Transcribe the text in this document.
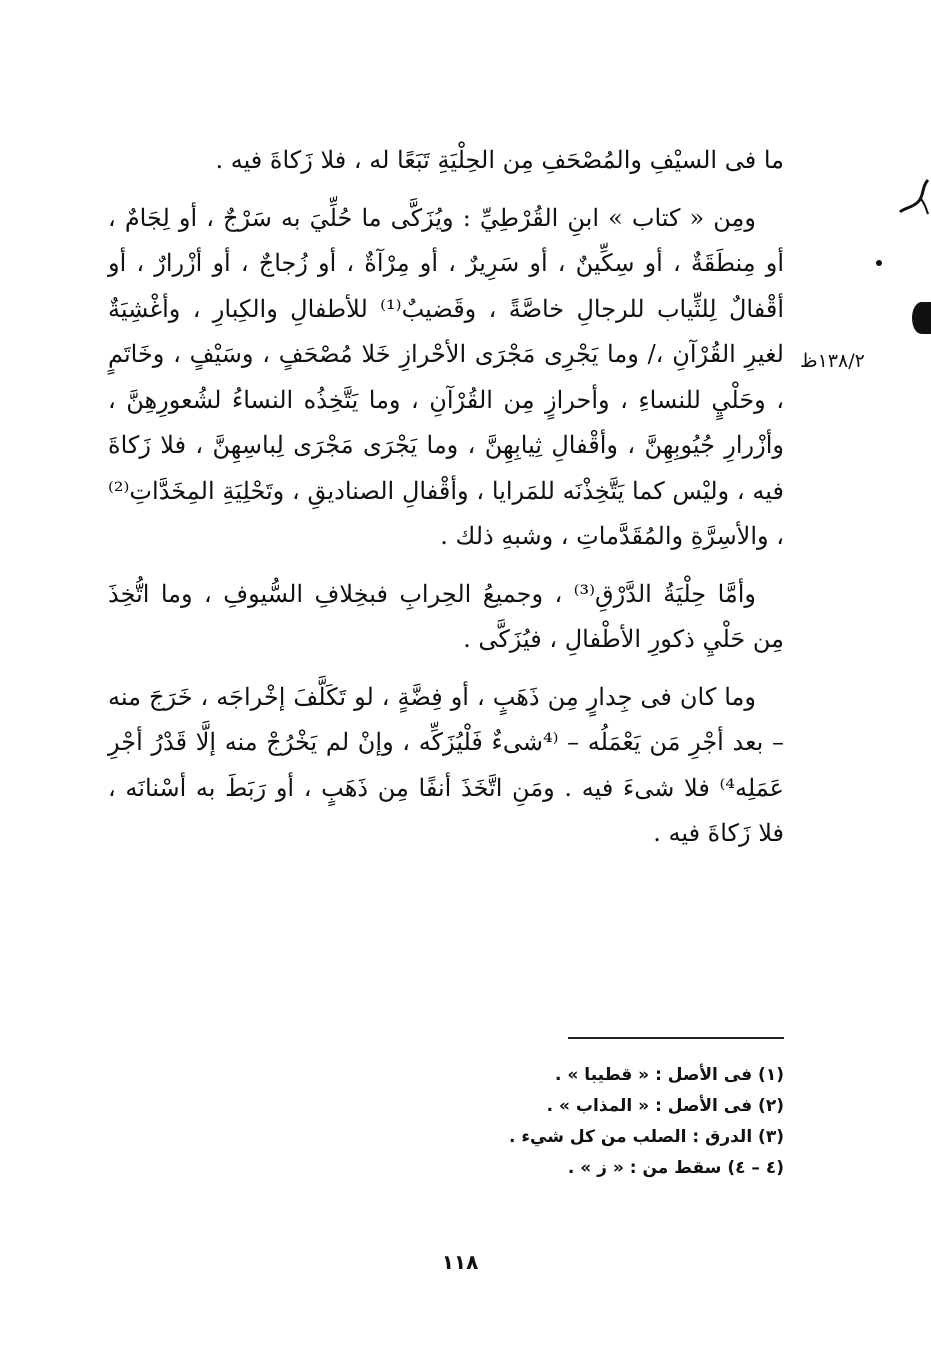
ما فى السيْفِ والمُصْحَفِ مِن الحِلْيَةِ تَبَعًا له ، فلا زَكاةَ فيه .

ومِن « كتاب » ابنِ القُرْطِيِّ : ويُزَكَّى ما حُلِّيَ به سَرْجٌ ، أو لِجَامٌ ، أو مِنطَقَةٌ ، أو سِكِّينٌ ، أو سَرِيرٌ ، أو مِرْآةٌ ، أو زُجاجٌ ، أو أزْرارٌ ، أو أقْفالٌ لِلثِّياب للرجالِ خاصَّةً ، وقَضيبٌ⁽¹⁾ للأطفالِ والكِبارِ ، وأغْشِيَةٌ لغيرِ القُرْآنِ ،/ وما يَجْرِى مَجْرَى الأحْرازِ خَلا مُصْحَفٍ ، وسَيْفٍ ، وخَاتَمٍ ، وحَلْيٍ للنساءِ ، وأحرازٍ مِن القُرْآنِ ، وما يَتَّخِذُه النساءُ لشُعورِهِنَّ ، وأزْرارِ جُيُوبِهِنَّ ، وأقْفالِ ثِيابِهِنَّ ، وما يَجْرَى مَجْرَى لِباسِهِنَّ ، فلا زَكاةَ فيه ، وليْس كما يَتَّخِذْنَه للمَرايا ، وأقْفالِ الصناديقِ ، وتَحْلِيَةِ المِخَدَّاتِ⁽²⁾ ، والأسِرَّةِ والمُقَدَّماتِ ، وشبهِ ذلك .

وأمَّا حِلْيَةُ الدَّرْقِ⁽³⁾ ، وجميعُ الحِرابِ فبخِلافِ السُّيوفِ ، وما اتُّخِذَ مِن حَلْيِ ذكورِ الأطْفالِ ، فيُزَكَّى .

وما كان فى جِدارٍ مِن ذَهَبٍ ، أو فِضَّةٍ ، لو تَكَلَّفَ إخْراجَه ، خَرَجَ منه – بعد أجْرِ مَن يَعْمَلُه – ⁽⁴شىءٌ فَلْيُزَكِّه ، وإنْ لم يَخْرُجْ منه إلَّا قَدْرُ أجْرِ عَمَلِه⁴⁾ فلا شىءَ فيه . ومَنِ اتَّخَذَ أنفًا مِن ذَهَبٍ ، أو رَبَطَ به أسْنانَه ، فلا زَكاةَ فيه .

١٣٨/٢ظ

(١) فى الأصل : « قطيبا » .

(٢) فى الأصل : « المذاب » .

(٣) الدرق : الصلب من كل شيء .

(٤ – ٤) سقط من : « ز » .

١١٨
